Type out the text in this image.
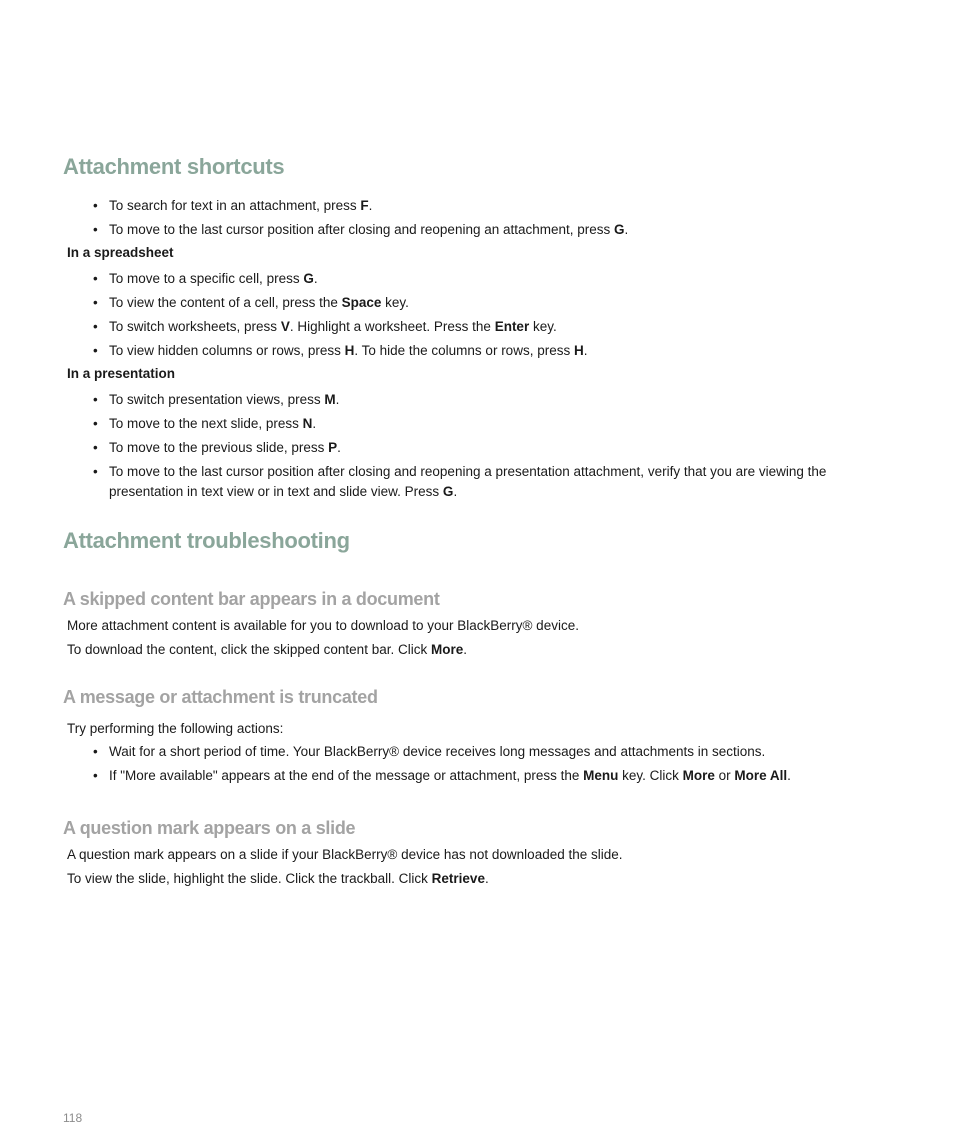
Attachment shortcuts
• To search for text in an attachment, press F.
• To move to the last cursor position after closing and reopening an attachment, press G.
In a spreadsheet
• To move to a specific cell, press G.
• To view the content of a cell, press the Space key.
• To switch worksheets, press V. Highlight a worksheet. Press the Enter key.
• To view hidden columns or rows, press H. To hide the columns or rows, press H.
In a presentation
• To switch presentation views, press M.
• To move to the next slide, press N.
• To move to the previous slide, press P.
• To move to the last cursor position after closing and reopening a presentation attachment, verify that you are viewing the presentation in text view or in text and slide view. Press G.
Attachment troubleshooting
A skipped content bar appears in a document

More attachment content is available for you to download to your BlackBerry® device.

To download the content, click the skipped content bar. Click More.

A message or attachment is truncated

Try performing the following actions:

• Wait for a short period of time. Your BlackBerry® device receives long messages and attachments in sections.
• If "More available" appears at the end of the message or attachment, press the Menu key. Click More or More All.
A question mark appears on a slide

A question mark appears on a slide if your BlackBerry® device has not downloaded the slide.

To view the slide, highlight the slide. Click the trackball. Click Retrieve.

118
